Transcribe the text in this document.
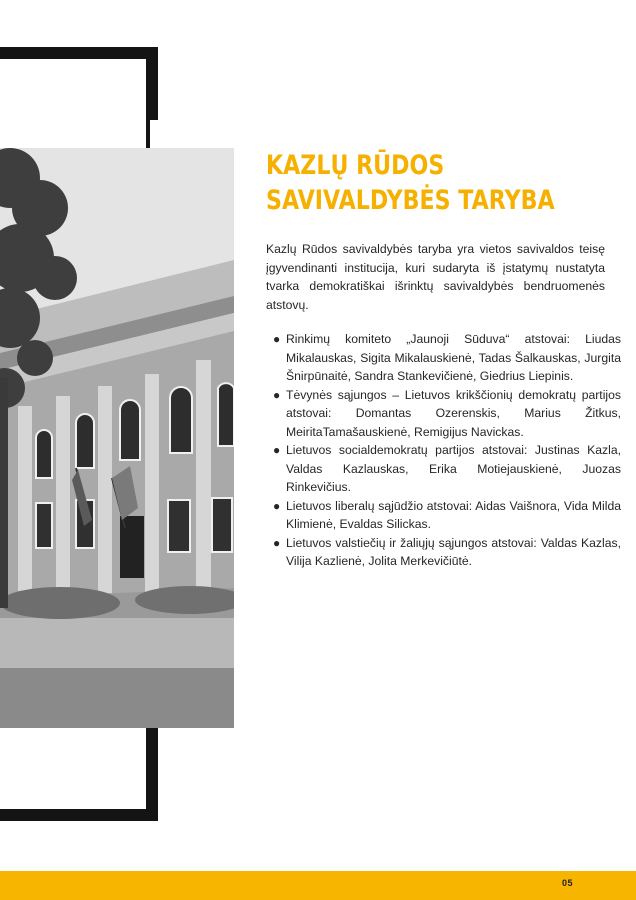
KAZLŲ RŪDOS
SAVIVALDYBĖS TARYBA

Kazlų Rūdos savivaldybės taryba yra vietos savivaldos teisę įgyvendinanti institucija, kuri sudaryta iš įstatymų nustatyta tvarka demokratiškai išrinktų savivaldybės bendruomenės atstovų.

● Rinkimų komiteto „Jaunoji Sūduva“ atstovai: Liudas Mikalauskas, Sigita Mikalauskienė, Tadas Šalkauskas, Jurgita Šnirpūnaitė, Sandra Stankevičienė, Giedrius Liepinis.
● Tėvynės sąjungos – Lietuvos krikščionių demokratų partijos atstovai: Domantas Ozerenskis, Marius Žitkus, MeiritaTamašauskienė, Remigijus Navickas.
● Lietuvos socialdemokratų partijos atstovai: Justinas Kazla, Valdas Kazlauskas, Erika Motiejauskienė, Juozas Rinkevičius.
● Lietuvos liberalų sąjūdžio atstovai: Aidas Vaišnora, Vida Milda Klimienė, Evaldas Silickas.
● Lietuvos valstiečių ir žaliųjų sąjungos atstovai: Valdas Kazlas, Vilija Kazlienė, Jolita Merkevičiūtė.
05
